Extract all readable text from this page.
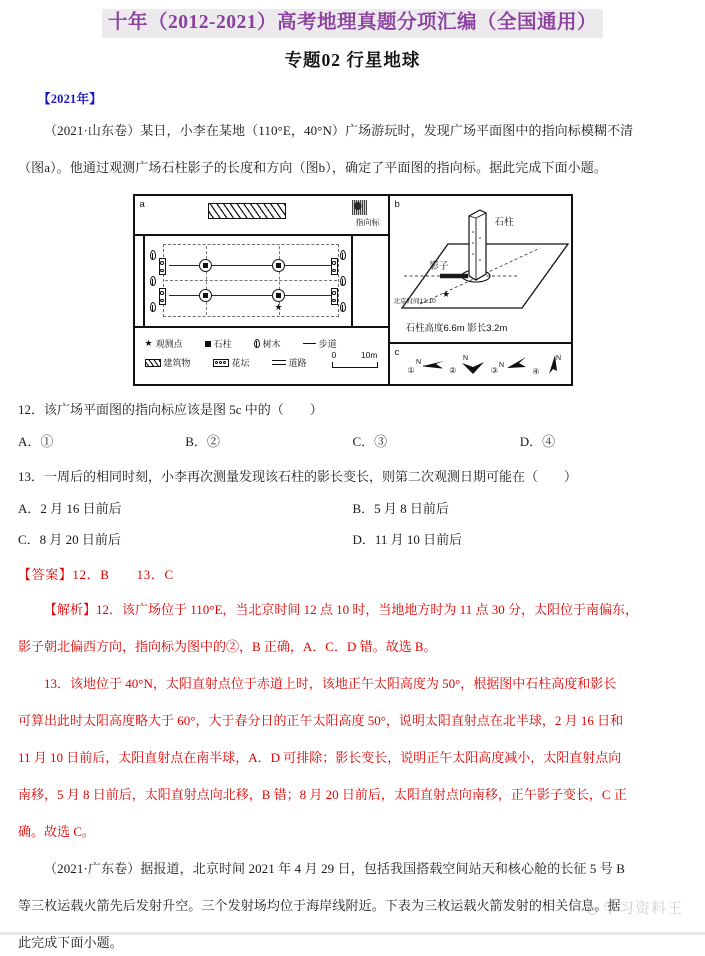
十年（2012-2021）高考地理真题分项汇编（全国通用）
专题02 行星地球
【2021年】
（2021·山东卷）某日，小李在某地（110°E，40°N）广场游玩时，发现广场平面图中的指向标模糊不清
（图a）。他通过观测广场石柱影子的长度和方向（图b），确定了平面图的指向标。据此完成下面小题。
a
指向标
★
★ 观测点	石柱	树木	步道
建筑物	花坛	道路
0	10m
b
★
石柱
影子
北京时间12:10
石柱高度6.6m 影长3.2m
c
①
N
②
N
③
N
④
N
12．该广场平面图的指向标应该是图 5c 中的（　　）
A．①	B．②	C．③	D．④
13．一周后的相同时刻，小李再次测量发现该石柱的影长变长，则第二次观测日期可能在（　　）
A．2 月 16 日前后	B．5 月 8 日前后
C．8 月 20 日前后	D．11 月 10 日前后
【答案】12．B　　13．C
【解析】12．该广场位于 110°E，当北京时间 12 点 10 时，当地地方时为 11 点 30 分，太阳位于南偏东，
影子朝北偏西方向，指向标为图中的②，B 正确，A．C．D 错。故选 B。
13．该地位于 40°N，太阳直射点位于赤道上时，该地正午太阳高度为 50°，根据图中石柱高度和影长
可算出此时太阳高度略大于 60°，大于春分日的正午太阳高度 50°，说明太阳直射点在北半球，2 月 16 日和
11 月 10 日前后，太阳直射点在南半球，A．D 可排除；影长变长，说明正午太阳高度减小，太阳直射点向
南移，5 月 8 日前后，太阳直射点向北移，B 错；8 月 20 日前后，太阳直射点向南移，正午影子变长，C 正
确。故选 C。
（2021·广东卷）据报道，北京时间 2021 年 4 月 29 日，包括我国搭载空间站天和核心舱的长征 5 号 B
等三枚运载火箭先后发射升空。三个发射场均位于海岸线附近。下表为三枚运载火箭发射的相关信息。据
此完成下面小题。
学习资料王
